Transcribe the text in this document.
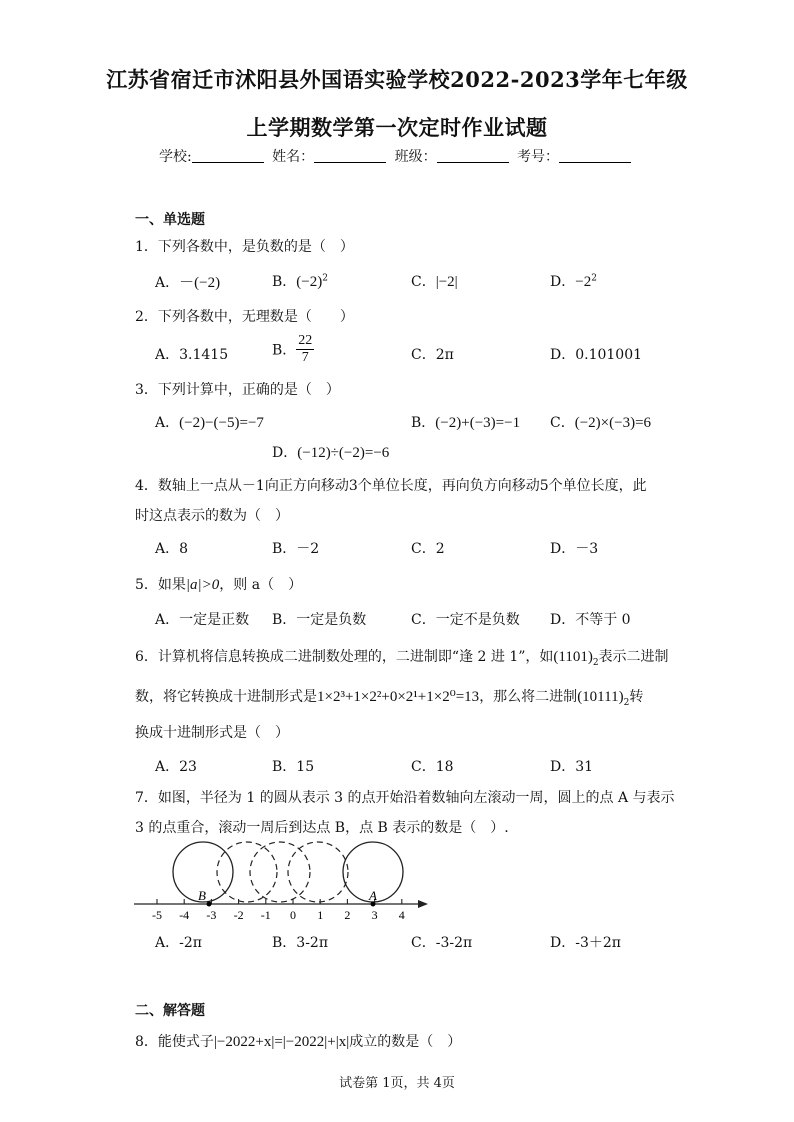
江苏省宿迁市沭阳县外国语实验学校2022-2023学年七年级
上学期数学第一次定时作业试题
学校:	姓名：	班级：	考号：
一、单选题
1．下列各数中，是负数的是（　）
A．－(−2)	B．$(-2)^2$	C．|−2|	D．$-2^2$
2．下列各数中，无理数是（　　）
A．3.1415	B． $\frac{22}{7}$	C．2π	D．0.101001
3．下列计算中，正确的是（　）
A．(−2)−(−5)=−7	B．(−2)+(−3)=−1 C．(−2)×(−3)=6
D．(−12)÷(−2)=−6
4．数轴上一点从－1向正方向移动3个单位长度，再向负方向移动5个单位长度，此
时这点表示的数为（　）
A．8	B．－2	C．2	D．－3
5．如果|a|>0，则 a（　）
A．一定是正数 B．一定是负数	C．一定不是负数 D．不等于 0
6．计算机将信息转换成二进制数处理的，二进制即“逢 2 进 1”，如$(1101)_2$表示二进制
数，将它转换成十进制形式是1×2³+1×2²+0×2¹+1×2⁰=13，那么将二进制$(10111)_2$转
换成十进制形式是（　）
A．23	B．15	C．18	D．31
7．如图，半径为 1 的圆从表示 3 的点开始沿着数轴向左滚动一周，圆上的点 A 与表示
3 的点重合，滚动一周后到达点 B，点 B 表示的数是（　）.
-5 -4 -3 -2 -1 0 1 2 3 4
B	A
A．-2π	B．3-2π	C．-3-2π	D．-3＋2π
二、解答题
8．能使式子|−2022+x|=|−2022|+|x|成立的数是（　）
试卷第 1页，共 4页
